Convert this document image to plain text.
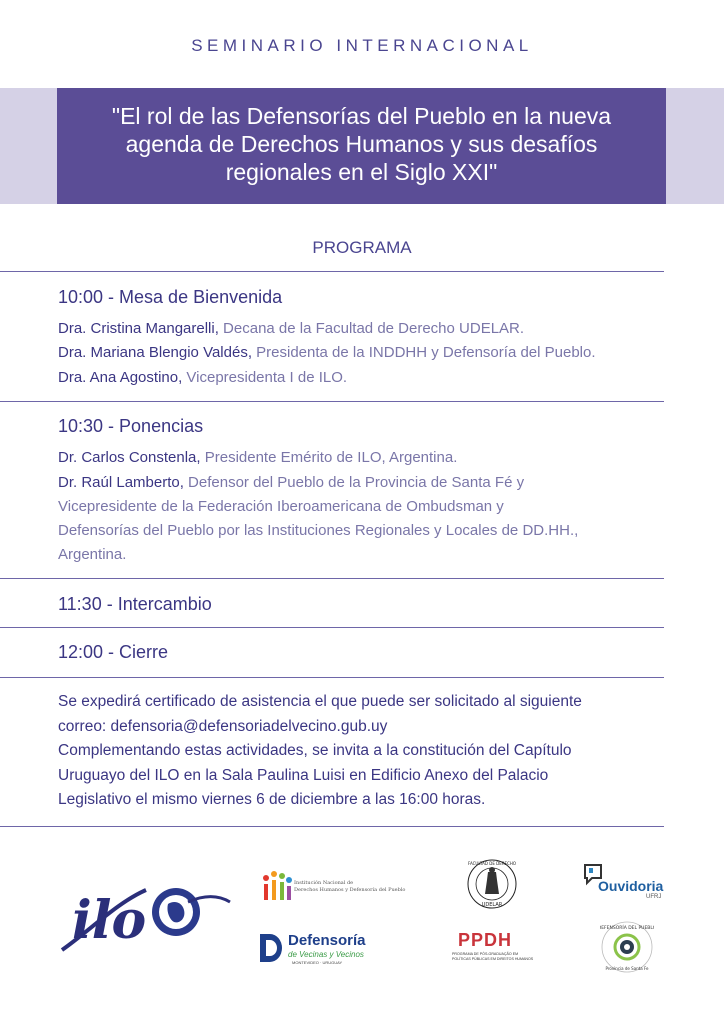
SEMINARIO INTERNACIONAL
"El rol de las Defensorías del Pueblo en la nueva
agenda de Derechos Humanos y sus desafíos
regionales en el Siglo XXI"
PROGRAMA
10:00 - Mesa de Bienvenida
Dra. Cristina Mangarelli, Decana de la Facultad de Derecho UDELAR.
Dra. Mariana Blengio Valdés, Presidenta de la INDDHH y Defensoría del Pueblo.
Dra. Ana Agostino, Vicepresidenta I de ILO.
10:30 - Ponencias
Dr. Carlos Constenla, Presidente Emérito de ILO, Argentina.
Dr. Raúl Lamberto, Defensor del Pueblo de la Provincia de Santa Fé y
Vicepresidente de la Federación Iberoamericana de Ombudsman y
Defensorías del Pueblo por las Instituciones Regionales y Locales de DD.HH.,
Argentina.
11:30 - Intercambio
12:00 - Cierre
Se expedirá certificado de asistencia el que puede ser solicitado al siguiente
correo: defensoria@defensoriadelvecino.gub.uy
Complementando estas actividades, se invita a la constitución del Capítulo
Uruguayo del ILO en la Sala Paulina Luisi en Edificio Anexo del Palacio
Legislativo el mismo viernes 6 de diciembre a las 16:00 horas.
ilo
Institución Nacional de
Derechos Humanos y Defensoría del Pueblo
UDELAR
FACULTAD DE DERECHO
Ouvidoria
UFRJ
Defensoría
de Vecinas y Vecinos
MONTEVIDEO · URUGUAY
PPDH
PROGRAMA DE PÓS-GRADUAÇÃO EM
POLÍTICAS PÚBLICAS EM DIREITOS HUMANOS
DEFENSORÍA DEL PUEBLO
Provincia de Santa Fe
